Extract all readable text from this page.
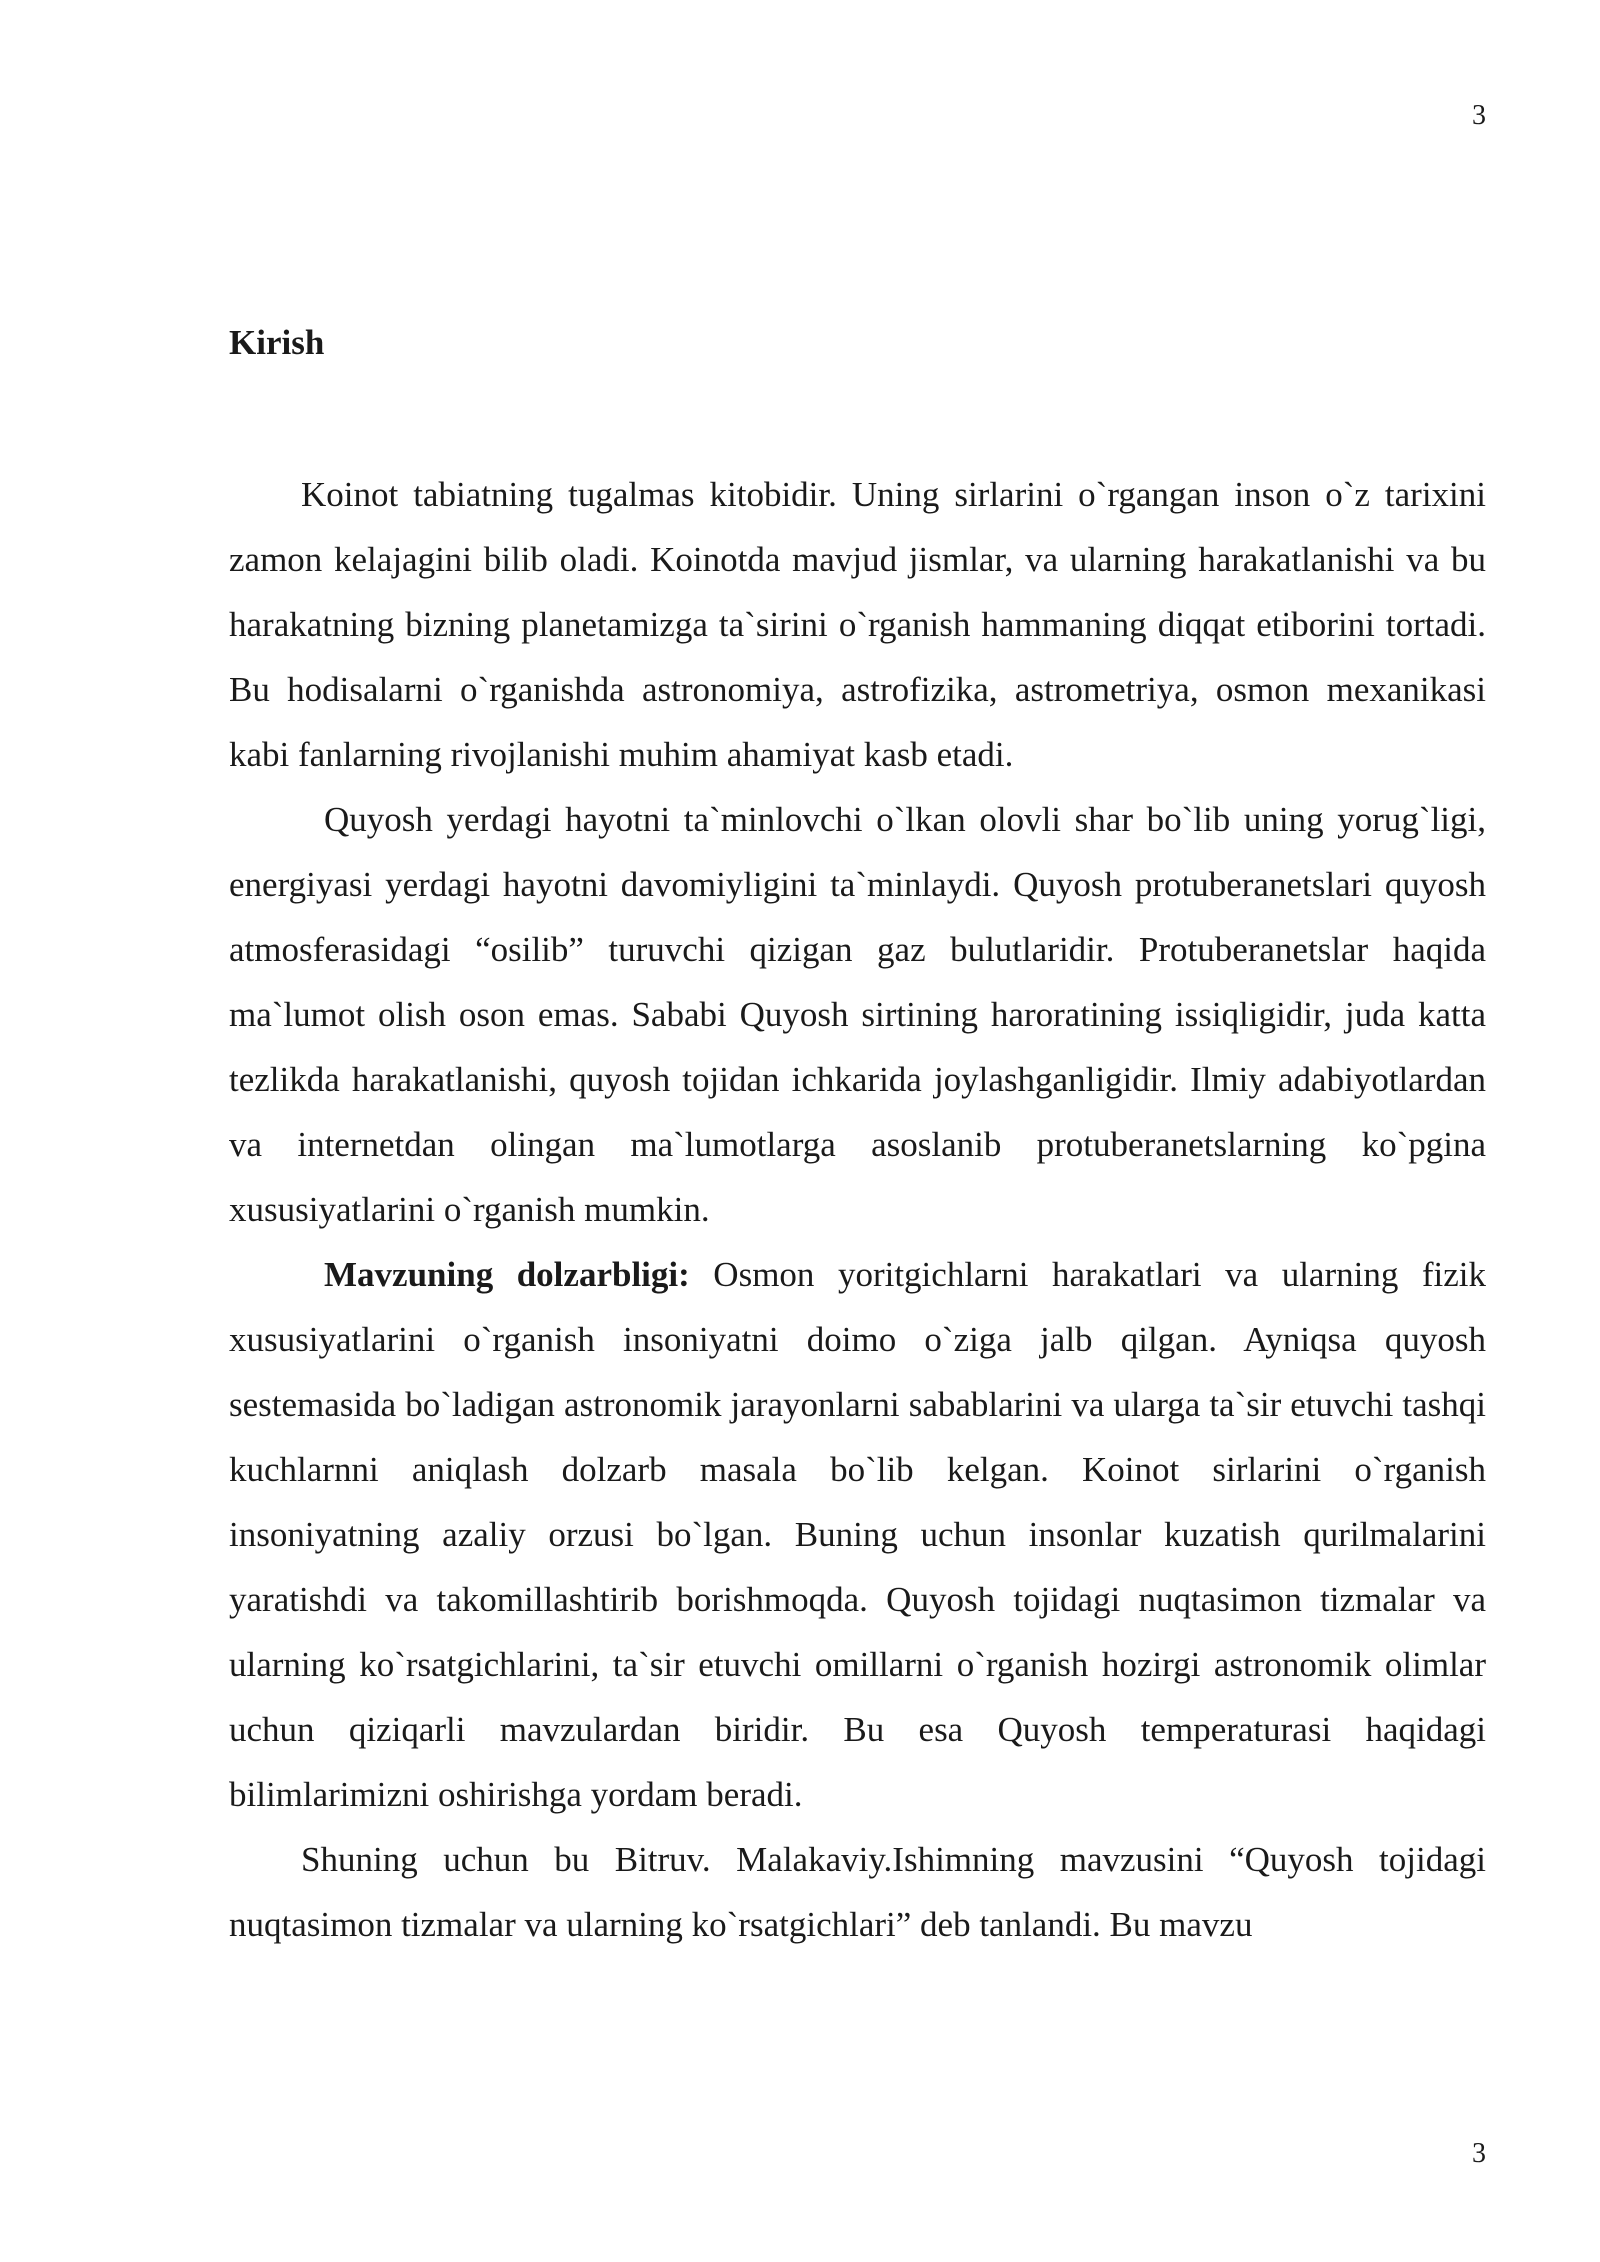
3
Kirish

Koinot tabiatning tugalmas kitobidir. Uning sirlarini o`rgangan inson o`z tarixini zamon kelajagini bilib oladi. Koinotda mavjud jismlar, va ularning harakatlanishi va bu harakatning bizning planetamizga ta`sirini o`rganish hammaning diqqat etiborini tortadi. Bu hodisalarni o`rganishda astronomiya, astrofizika, astrometriya, osmon mexanikasi kabi fanlarning rivojlanishi muhim ahamiyat kasb etadi.

Quyosh yerdagi hayotni ta`minlovchi o`lkan olovli shar bo`lib uning yorug`ligi, energiyasi yerdagi hayotni davomiyligini ta`minlaydi. Quyosh protuberanetslari quyosh atmosferasidagi “osilib” turuvchi qizigan gaz bulutlaridir. Protuberanetslar haqida ma`lumot olish oson emas. Sababi Quyosh sirtining haroratining issiqligidir, juda katta tezlikda harakatlanishi, quyosh tojidan ichkarida joylashganligidir. Ilmiy adabiyotlardan va internetdan olingan ma`lumotlarga asoslanib protuberanetslarning ko`pgina xususiyatlarini o`rganish mumkin.

Mavzuning dolzarbligi: Osmon yoritgichlarni harakatlari va ularning fizik xususiyatlarini o`rganish insoniyatni doimo o`ziga jalb qilgan. Ayniqsa quyosh sestemasida bo`ladigan astronomik jarayonlarni sabablarini va ularga ta`sir etuvchi tashqi kuchlarnni aniqlash dolzarb masala bo`lib kelgan. Koinot sirlarini o`rganish insoniyatning azaliy orzusi bo`lgan. Buning uchun insonlar kuzatish qurilmalarini yaratishdi va takomillashtirib borishmoqda. Quyosh tojidagi nuqtasimon tizmalar va ularning ko`rsatgichlarini, ta`sir etuvchi omillarni o`rganish hozirgi astronomik olimlar uchun qiziqarli mavzulardan biridir. Bu esa Quyosh temperaturasi haqidagi bilimlarimizni oshirishga yordam beradi.

Shuning uchun bu Bitruv. Malakaviy.Ishimning mavzusini “Quyosh tojidagi nuqtasimon tizmalar va ularning ko`rsatgichlari” deb tanlandi. Bu mavzu

3
